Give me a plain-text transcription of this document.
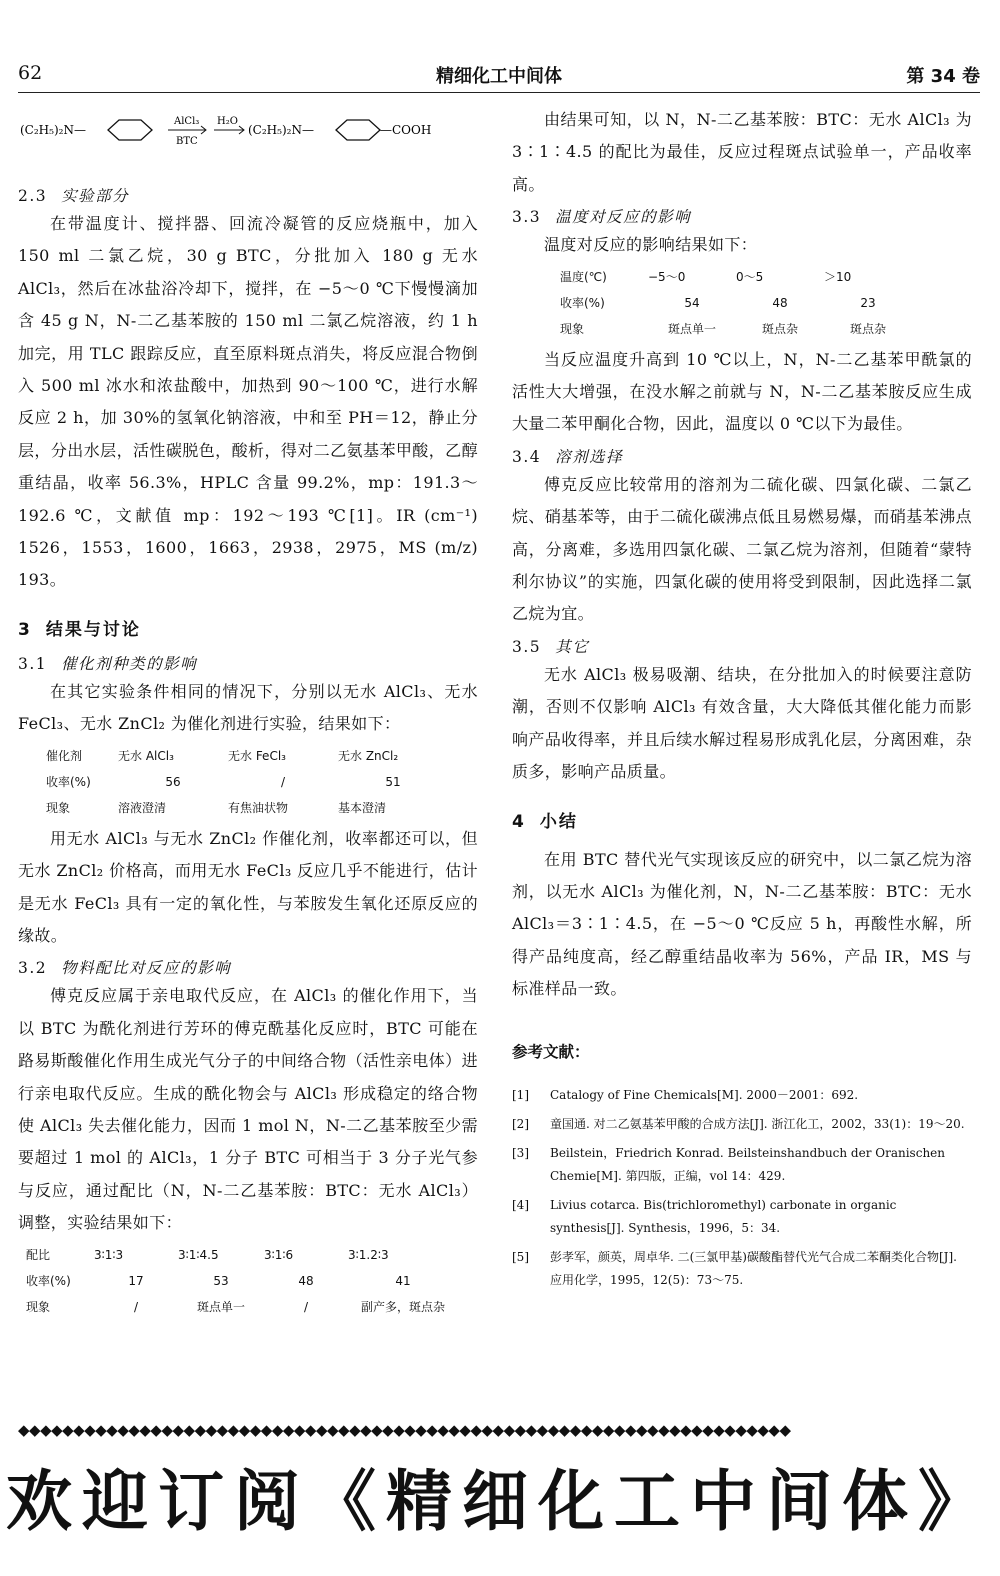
62	精细化工中间体	第 34 卷
(C₂H₅)₂N—
AlCl₃
BTC
H₂O
(C₂H₅)₂N—	—COOH
2.3 实验部分

在带温度计、搅拌器、回流冷凝管的反应烧瓶中，加入 150 ml 二氯乙烷，30 g BTC，分批加入 180 g 无水 AlCl₃，然后在冰盐浴冷却下，搅拌，在 −5～0 ℃下慢慢滴加含 45 g N，N-二乙基苯胺的 150 ml 二氯乙烷溶液，约 1 h 加完，用 TLC 跟踪反应，直至原料斑点消失，将反应混合物倒入 500 ml 冰水和浓盐酸中，加热到 90～100 ℃，进行水解反应 2 h，加 30%的氢氧化钠溶液，中和至 PH＝12，静止分层，分出水层，活性碳脱色，酸析，得对二乙氨基苯甲酸，乙醇重结晶，收率 56.3%，HPLC 含量 99.2%，mp：191.3～192.6 ℃，文献值 mp：192～193 ℃[1]。IR (cm⁻¹) 1526，1553，1600，1663，2938，2975，MS (m/z) 193。

3 结果与讨论
3.1 催化剂种类的影响

在其它实验条件相同的情况下，分别以无水 AlCl₃、无水 FeCl₃、无水 ZnCl₂ 为催化剂进行实验，结果如下：

催化剂	无水 AlCl₃	无水 FeCl₃	无水 ZnCl₂
收率(%)	56	/	51
现象	溶液澄清	有焦油状物	基本澄清

用无水 AlCl₃ 与无水 ZnCl₂ 作催化剂，收率都还可以，但无水 ZnCl₂ 价格高，而用无水 FeCl₃ 反应几乎不能进行，估计是无水 FeCl₃ 具有一定的氧化性，与苯胺发生氧化还原反应的缘故。

3.2 物料配比对反应的影响

傅克反应属于亲电取代反应，在 AlCl₃ 的催化作用下，当以 BTC 为酰化剂进行芳环的傅克酰基化反应时，BTC 可能在路易斯酸催化作用生成光气分子的中间络合物（活性亲电体）进行亲电取代反应。生成的酰化物会与 AlCl₃ 形成稳定的络合物使 AlCl₃ 失去催化能力，因而 1 mol N，N-二乙基苯胺至少需要超过 1 mol 的 AlCl₃，1 分子 BTC 可相当于 3 分子光气参与反应，通过配比（N，N-二乙基苯胺：BTC：无水 AlCl₃）调整，实验结果如下：

配比	3∶1∶3	3∶1∶4.5	3∶1∶6	3∶1.2∶3
收率(%)	17	53	48	41
现象	/	斑点单一	/	副产多，斑点杂

由结果可知，以 N，N-二乙基苯胺：BTC：无水 AlCl₃ 为 3∶1∶4.5 的配比为最佳，反应过程斑点试验单一，产品收率高。

3.3 温度对反应的影响

温度对反应的影响结果如下：

温度(℃)	−5～0	0～5	＞10
收率(%)	54	48	23
现象	斑点单一	斑点杂	斑点杂

当反应温度升高到 10 ℃以上，N，N-二乙基苯甲酰氯的活性大大增强，在没水解之前就与 N，N-二乙基苯胺反应生成大量二苯甲酮化合物，因此，温度以 0 ℃以下为最佳。

3.4 溶剂选择

傅克反应比较常用的溶剂为二硫化碳、四氯化碳、二氯乙烷、硝基苯等，由于二硫化碳沸点低且易燃易爆，而硝基苯沸点高，分离难，多选用四氯化碳、二氯乙烷为溶剂，但随着“蒙特利尔协议”的实施，四氯化碳的使用将受到限制，因此选择二氯乙烷为宜。

3.5 其它

无水 AlCl₃ 极易吸潮、结块，在分批加入的时候要注意防潮，否则不仅影响 AlCl₃ 有效含量，大大降低其催化能力而影响产品收得率，并且后续水解过程易形成乳化层，分离困难，杂质多，影响产品质量。

4 小结

在用 BTC 替代光气实现该反应的研究中，以二氯乙烷为溶剂，以无水 AlCl₃ 为催化剂，N，N-二乙基苯胺：BTC：无水 AlCl₃＝3∶1∶4.5，在 −5～0 ℃反应 5 h，再酸性水解，所得产品纯度高，经乙醇重结晶收率为 56%，产品 IR，MS 与标准样品一致。

参考文献：
[1] Catalogy of Fine Chemicals[M]. 2000－2001：692.
[2] 童国通. 对二乙氨基苯甲酸的合成方法[J]. 浙江化工，2002，33(1)：19～20.
[3] Beilstein，Friedrich Konrad. Beilsteinshandbuch der Oranischen Chemie[M]. 第四版，正编，vol 14：429.
[4] Livius cotarca. Bis(trichloromethyl) carbonate in organic synthesis[J]. Synthesis，1996，5：34.
[5] 彭孝军，颜英，周卓华. 二(三氯甲基)碳酸酯替代光气合成二苯酮类化合物[J]. 应用化学，1995，12(5)：73～75.
◆◆◆◆◆◆◆◆◆◆◆◆◆◆◆◆◆◆◆◆◆◆◆◆◆◆◆◆◆◆◆◆◆◆◆◆◆◆◆◆◆◆◆◆◆◆◆◆◆◆◆◆◆◆◆◆◆◆◆◆◆◆◆◆◆◆◆◆◆◆
欢迎订阅《精细化工中间体》
